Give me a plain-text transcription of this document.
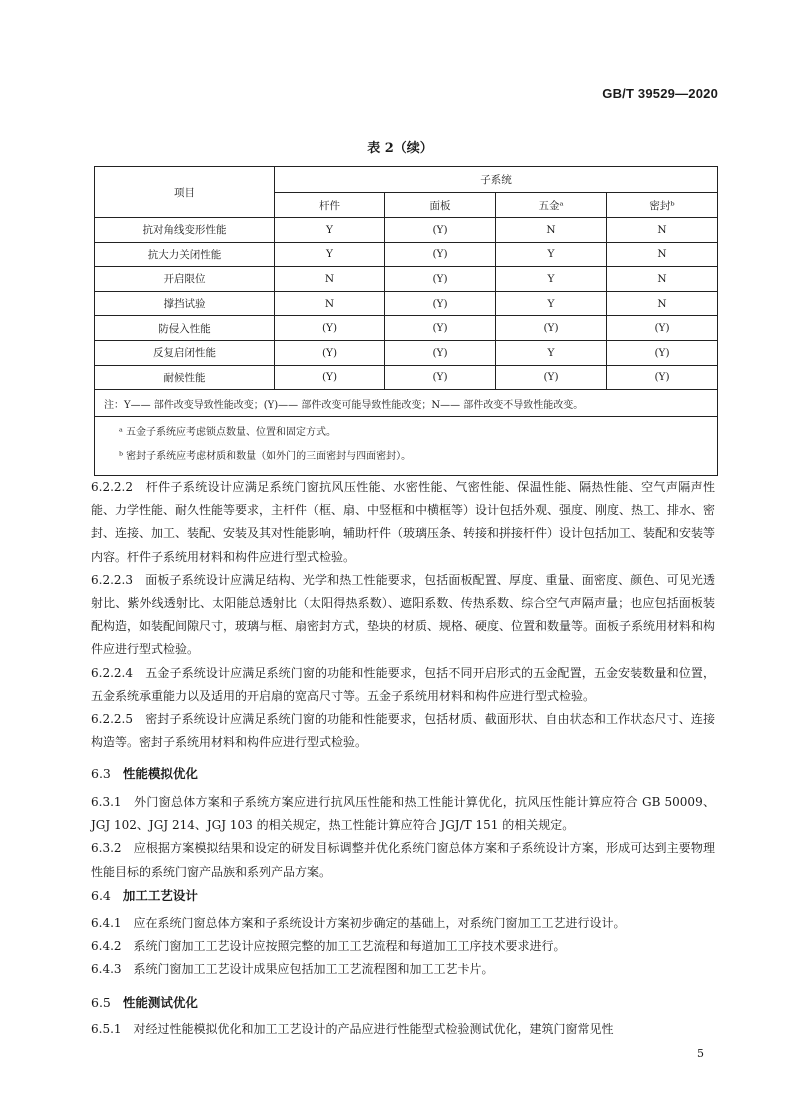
GB/T 39529—2020
表 2（续）
项目	子系统			
	杆件	面板	五金ᵃ	密封ᵇ
抗对角线变形性能	Y	(Y)	N	N
抗大力关闭性能	Y	(Y)	Y	N
开启限位	N	(Y)	Y	N
撑挡试验	N	(Y)	Y	N
防侵入性能	(Y)	(Y)	(Y)	(Y)
反复启闭性能	(Y)	(Y)	Y	(Y)
耐候性能	(Y)	(Y)	(Y)	(Y)
注：Y—— 部件改变导致性能改变；(Y)—— 部件改变可能导致性能改变；N—— 部件改变不导致性能改变。				
ᵃ 五金子系统应考虑锁点数量、位置和固定方式。				
ᵇ 密封子系统应考虑材质和数量（如外门的三面密封与四面密封）。				

6.2.2.2　杆件子系统设计应满足系统门窗抗风压性能、水密性能、气密性能、保温性能、隔热性能、空气声隔声性能、力学性能、耐久性能等要求，主杆件（框、扇、中竖框和中横框等）设计包括外观、强度、刚度、热工、排水、密封、连接、加工、装配、安装及其对性能影响，辅助杆件（玻璃压条、转接和拼接杆件）设计包括加工、装配和安装等内容。杆件子系统用材料和构件应进行型式检验。

6.2.2.3　面板子系统设计应满足结构、光学和热工性能要求，包括面板配置、厚度、重量、面密度、颜色、可见光透射比、紫外线透射比、太阳能总透射比（太阳得热系数）、遮阳系数、传热系数、综合空气声隔声量；也应包括面板装配构造，如装配间隙尺寸，玻璃与框、扇密封方式，垫块的材质、规格、硬度、位置和数量等。面板子系统用材料和构件应进行型式检验。

6.2.2.4　五金子系统设计应满足系统门窗的功能和性能要求，包括不同开启形式的五金配置，五金安装数量和位置，五金系统承重能力以及适用的开启扇的宽高尺寸等。五金子系统用材料和构件应进行型式检验。

6.2.2.5　密封子系统设计应满足系统门窗的功能和性能要求，包括材质、截面形状、自由状态和工作状态尺寸、连接构造等。密封子系统用材料和构件应进行型式检验。

6.3 性能模拟优化

6.3.1　外门窗总体方案和子系统方案应进行抗风压性能和热工性能计算优化，抗风压性能计算应符合 GB 50009、JGJ 102、JGJ 214、JGJ 103 的相关规定，热工性能计算应符合 JGJ/T 151 的相关规定。

6.3.2　应根据方案模拟结果和设定的研发目标调整并优化系统门窗总体方案和子系统设计方案，形成可达到主要物理性能目标的系统门窗产品族和系列产品方案。

6.4 加工工艺设计

6.4.1　应在系统门窗总体方案和子系统设计方案初步确定的基础上，对系统门窗加工工艺进行设计。

6.4.2　系统门窗加工工艺设计应按照完整的加工工艺流程和每道加工工序技术要求进行。

6.4.3　系统门窗加工工艺设计成果应包括加工工艺流程图和加工工艺卡片。

6.5 性能测试优化

6.5.1　对经过性能模拟优化和加工工艺设计的产品应进行性能型式检验测试优化，建筑门窗常见性

5
